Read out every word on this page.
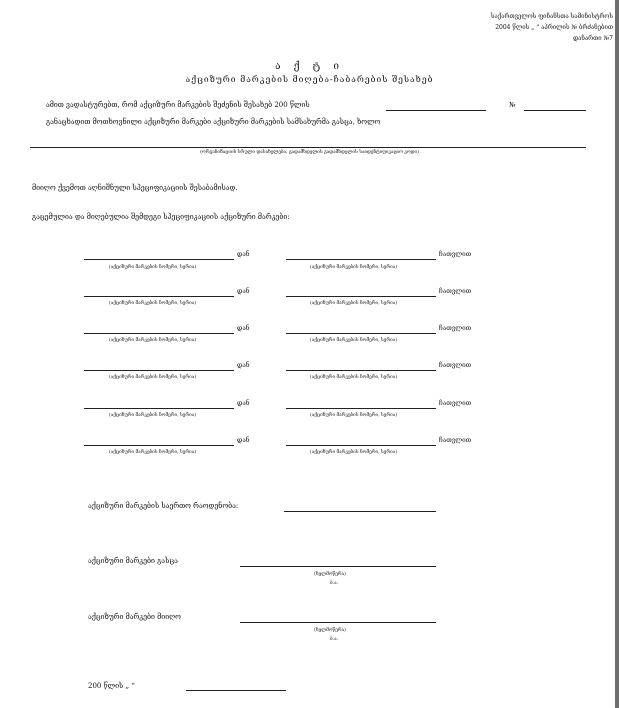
საქართველოს ფინანსთა სამინისტროს
2004 წლის „ “ აპრილის № ბრძანებით
დანართი №7
ა ქ ტ ი
აქციზური მარკების მიღება-ჩაბარების შესახებ
ამით ვადასტურებთ, რომ აქციზური მარკების შეძენის შესახებ 200 წლის	№
განაცხადით მოთხოვნილი აქციზური მარკები აქციზური მარკების სამსახურმა გასცა, ხოლო
(ორგანიზაციის სრული დასახელება, გადამხდელის გადამხდელის საიდენტიფიკაციო კოდი)
მიიღო ქვემოთ აღნიშნული სპეციფიკაციის შესაბამისად.
გაცემულია და მიღებულია შემდეგი სპეციფიკაციის აქციზური მარკები:
დან
(აქციზური მარკების ნომერი, სერია)
ჩათვლით
(აქციზური მარკების ნომერი, სერია)
დან
(აქციზური მარკების ნომერი, სერია)
ჩათვლით
(აქციზური მარკების ნომერი, სერია)
დან
(აქციზური მარკების ნომერი, სერია)
ჩათვლით
(აქციზური მარკების ნომერი, სერია)
დან
(აქციზური მარკების ნომერი, სერია)
ჩათვლით
(აქციზური მარკების ნომერი, სერია)
დან
(აქციზური მარკების ნომერი, სერია)
ჩათვლით
(აქციზური მარკების ნომერი, სერია)
დან
(აქციზური მარკების ნომერი, სერია)
ჩათვლით
(აქციზური მარკების ნომერი, სერია)
აქციზური მარკების საერთო რაოდენობა:
აქციზური მარკები გასცა
(ხელმოწერა)
ბ.ა.
აქციზური მარკები მიიღო
(ხელმოწერა)
ბ.ა.
200 წლის „ “
